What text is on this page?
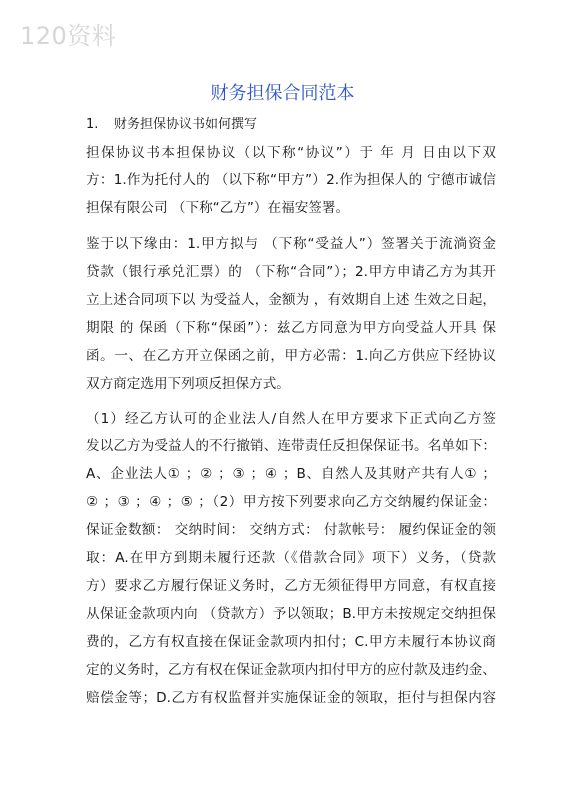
120资料
财务担保合同范本
1. 财务担保协议书如何撰写
担保协议书本担保协议（以下称“协议”）于 年 月 日由以下双
方：1.作为托付人的 （以下称“甲方”）2.作为担保人的 宁德市诚信
担保有限公司 （下称“乙方”）在福安签署。
鉴于以下缘由：1.甲方拟与 （下称“受益人”）签署关于流淌资金
贷款（银行承兑汇票）的 （下称“合同”）；2.甲方申请乙方为其开
立上述合同项下以 为受益人，金额为 ，有效期自上述 生效之日起，
期限 的 保函（下称“保函”）：兹乙方同意为甲方向受益人开具 保
函。一、在乙方开立保函之前，甲方必需：1.向乙方供应下经协议
双方商定选用下列项反担保方式。
（1）经乙方认可的企业法人/自然人在甲方要求下正式向乙方签
发以乙方为受益人的不行撤销、连带责任反担保保证书。名单如下：
A、企业法人① ；② ；③ ；④ ；B、自然人及其财产共有人① ；
② ；③ ；④ ；⑤ ；（2）甲方按下列要求向乙方交纳履约保证金：
保证金数额： 交纳时间： 交纳方式： 付款帐号： 履约保证金的领
取：A.在甲方到期未履行还款（《借款合同》项下）义务，（贷款
方）要求乙方履行保证义务时，乙方无须征得甲方同意，有权直接
从保证金款项内向 （贷款方）予以领取；B.甲方未按规定交纳担保
费的，乙方有权直接在保证金款项内扣付；C.甲方未履行本协议商
定的义务时，乙方有权在保证金款项内扣付甲方的应付款及违约金、
赔偿金等；D.乙方有权监督并实施保证金的领取，拒付与担保内容
